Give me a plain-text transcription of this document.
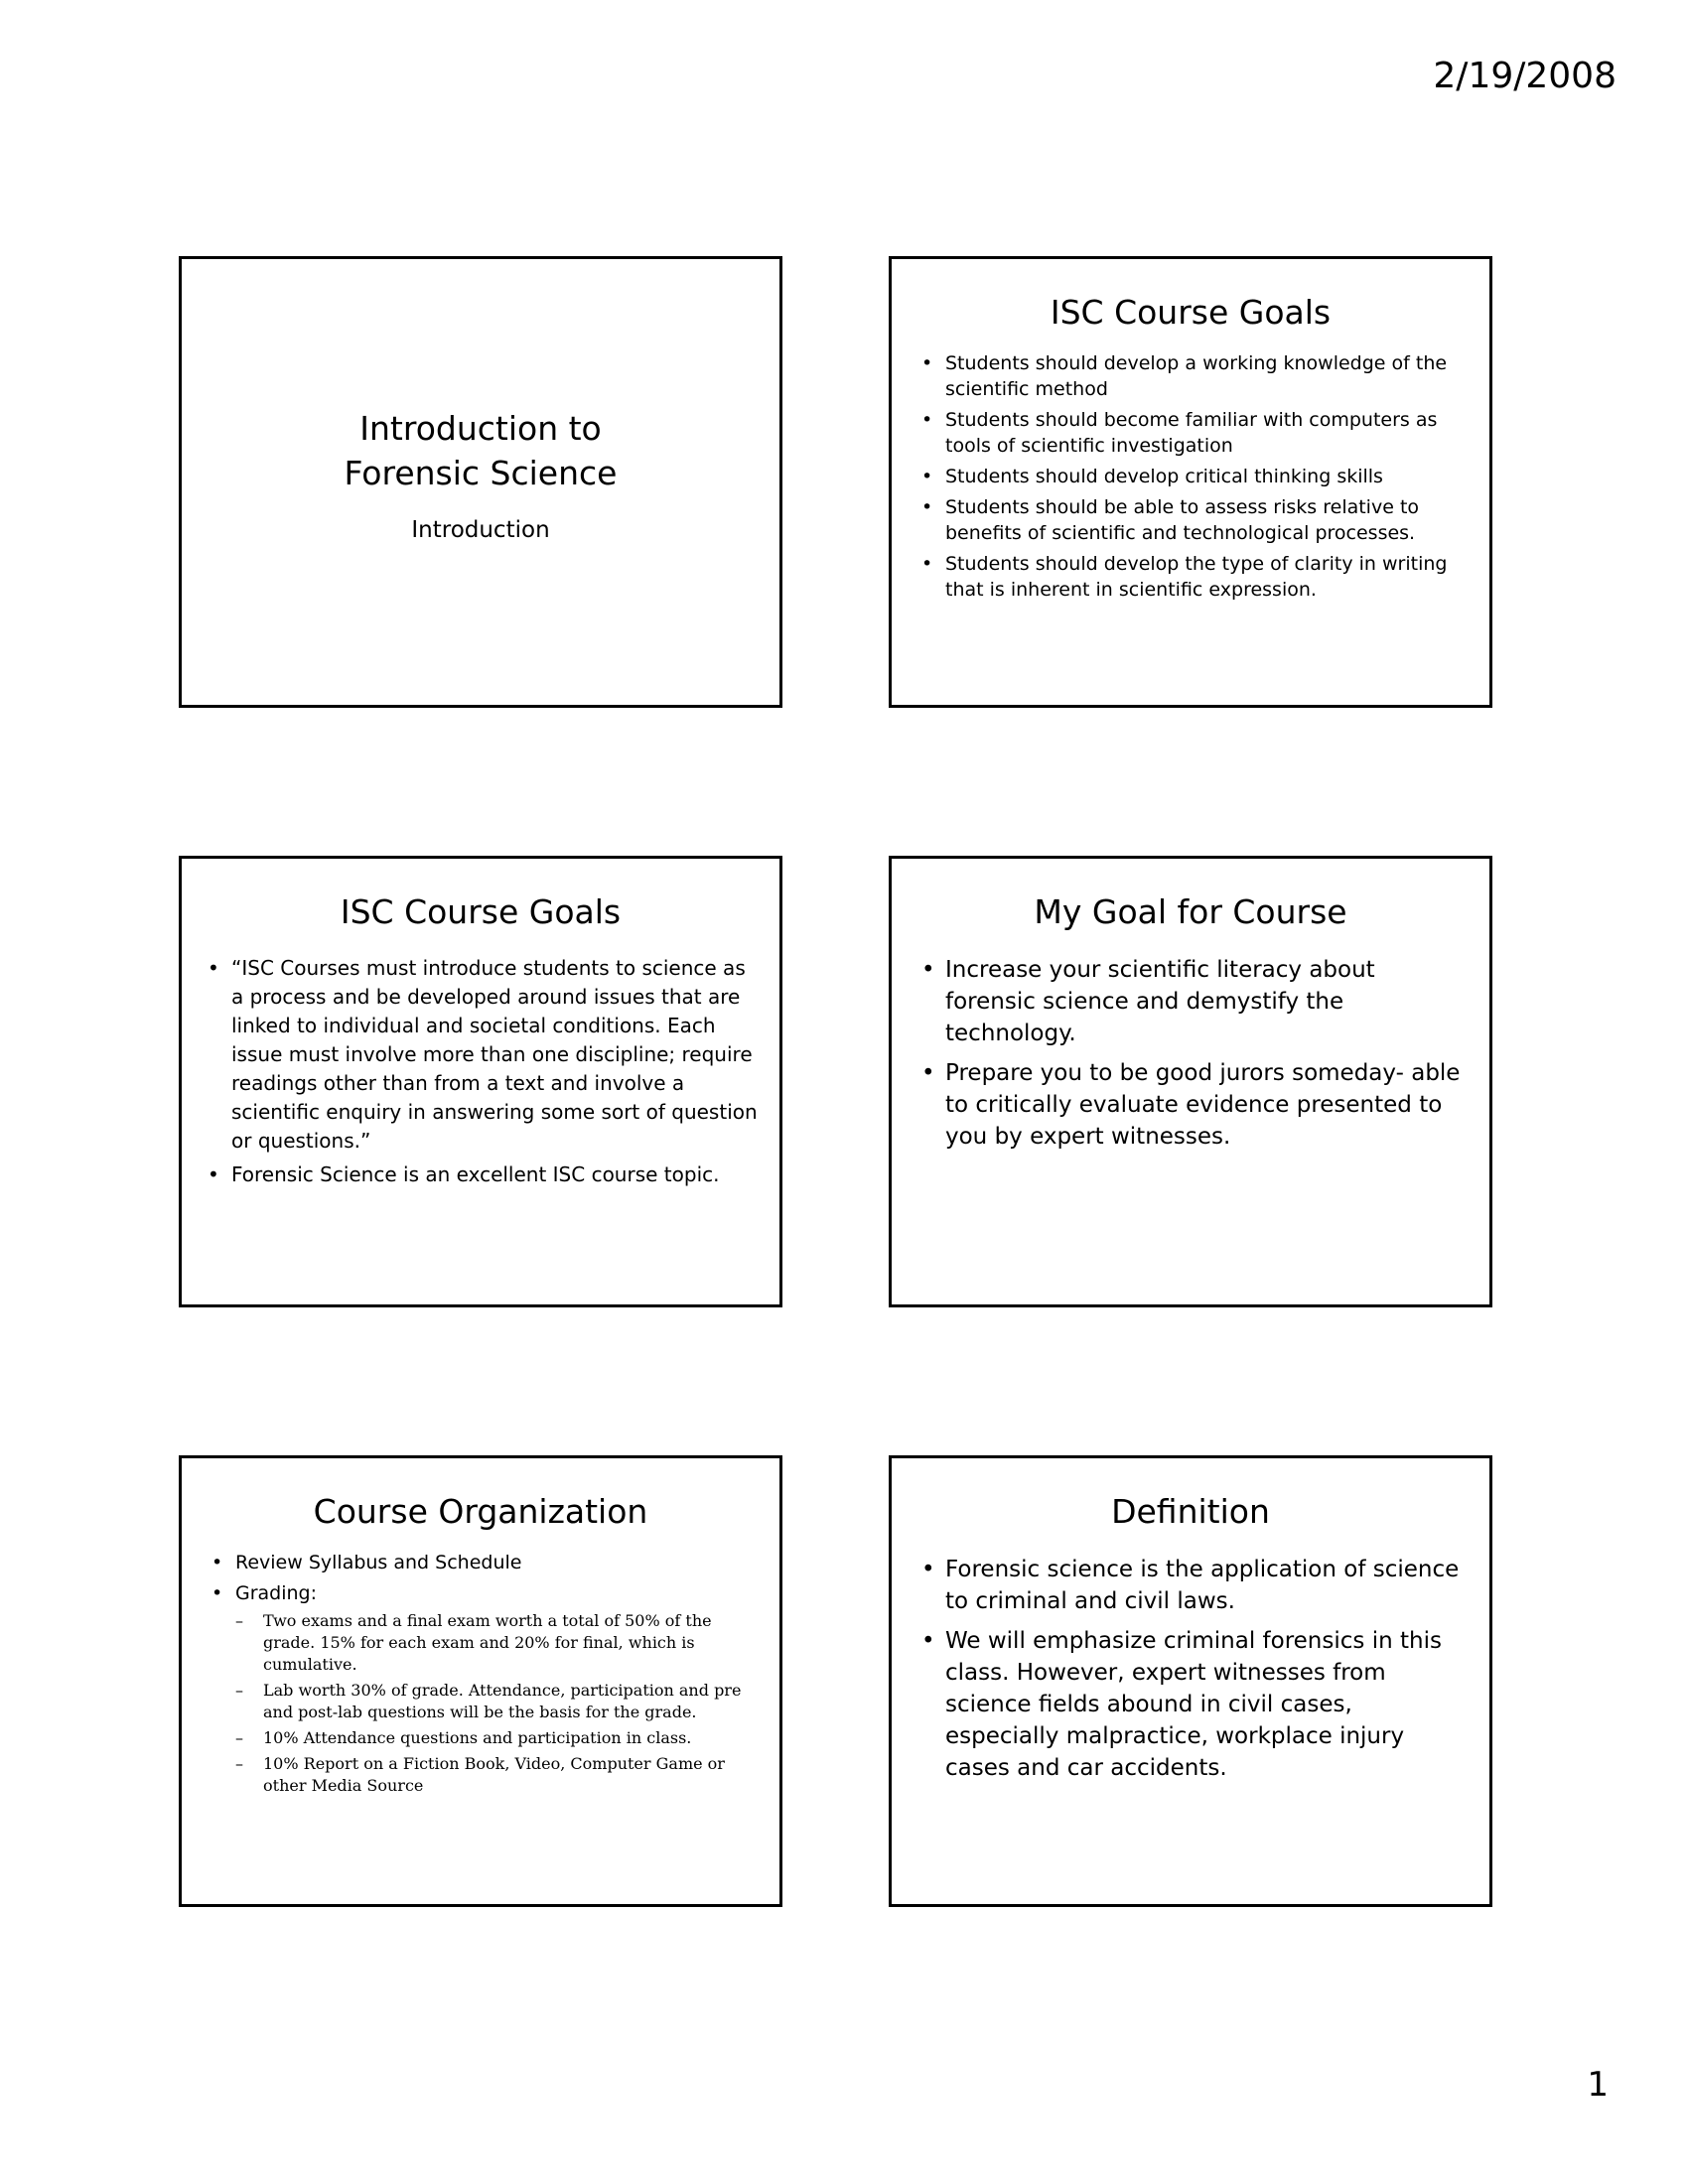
2/19/2008
Introduction to
Forensic Science
Introduction
ISC Course Goals
• Students should develop a working knowledge of the scientific method
• Students should become familiar with computers as tools of scientific investigation
• Students should develop critical thinking skills
• Students should be able to assess risks relative to benefits of scientific and technological processes.
• Students should develop the type of clarity in writing that is inherent in scientific expression.
ISC Course Goals
• “ISC Courses must introduce students to science as a process and be developed around issues that are linked to individual and societal conditions. Each issue must involve more than one discipline; require readings other than from a text and involve a scientific enquiry in answering some sort of question or questions.”
• Forensic Science is an excellent ISC course topic.
My Goal for Course
• Increase your scientific literacy about forensic science and demystify the technology.
• Prepare you to be good jurors someday- able to critically evaluate evidence presented to you by expert witnesses.
Course Organization
• Review Syllabus and Schedule
• Grading:
– Two exams and a final exam worth a total of 50% of the grade. 15% for each exam and 20% for final, which is cumulative.
– Lab worth 30% of grade. Attendance, participation and pre and post-lab questions will be the basis for the grade.
– 10% Attendance questions and participation in class.
– 10% Report on a Fiction Book, Video, Computer Game or other Media Source
Definition
• Forensic science is the application of science to criminal and civil laws.
• We will emphasize criminal forensics in this class. However, expert witnesses from science fields abound in civil cases, especially malpractice, workplace injury cases and car accidents.
1
